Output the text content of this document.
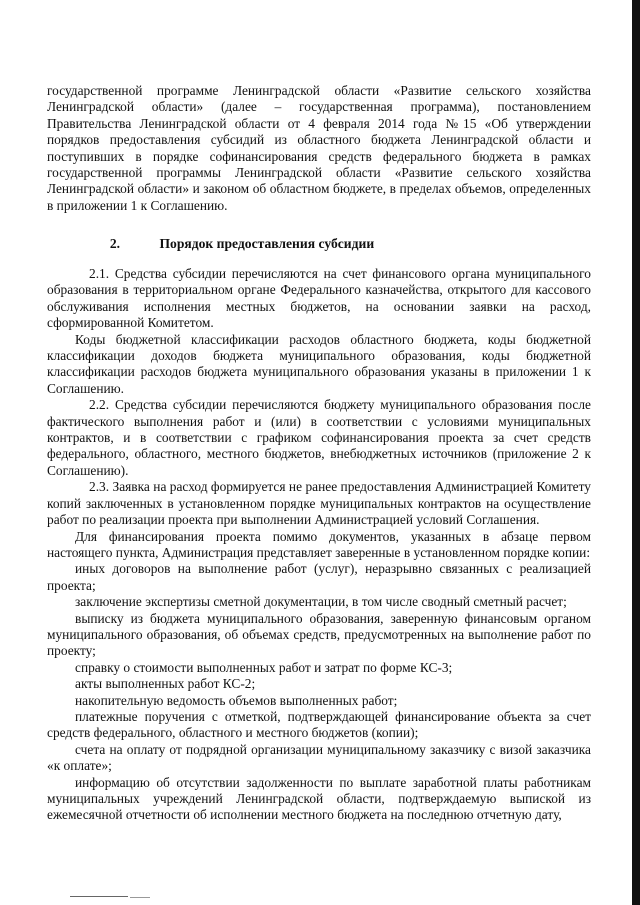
государственной программе Ленинградской области «Развитие сельского хозяйства Ленинградской области» (далее – государственная программа), постановлением Правительства Ленинградской области от 4 февраля 2014 года №15 «Об утверждении порядков предоставления субсидий из областного бюджета Ленинградской области и поступивших в порядке софинансирования средств федерального бюджета в рамках государственной программы Ленинградской области «Развитие сельского хозяйства Ленинградской области» и законом об областном бюджете, в пределах объемов, определенных в приложении 1 к Соглашению.

2.	Порядок предоставления субсидии

2.1. Средства субсидии перечисляются на счет финансового органа муниципального образования в территориальном органе Федерального казначейства, открытого для кассового обслуживания исполнения местных бюджетов, на основании заявки на расход, сформированной Комитетом.

Коды бюджетной классификации расходов областного бюджета, коды бюджетной классификации доходов бюджета муниципального образования, коды бюджетной классификации расходов бюджета муниципального образования указаны в приложении 1 к Соглашению.

2.2. Средства субсидии перечисляются бюджету муниципального образования после фактического выполнения работ и (или) в соответствии с условиями муниципальных контрактов, и в соответствии с графиком софинансирования проекта за счет средств федерального, областного, местного бюджетов, внебюджетных источников (приложение 2 к Соглашению).

2.3. Заявка на расход формируется не ранее предоставления Администрацией Комитету копий заключенных в установленном порядке муниципальных контрактов на осуществление работ по реализации проекта при выполнении Администрацией условий Соглашения.

Для финансирования проекта помимо документов, указанных в абзаце первом настоящего пункта, Администрация представляет заверенные в установленном порядке копии:

иных договоров на выполнение работ (услуг), неразрывно связанных с реализацией проекта;

заключение экспертизы сметной документации, в том числе сводный сметный расчет;

выписку из бюджета муниципального образования, заверенную финансовым органом муниципального образования, об объемах средств, предусмотренных на выполнение работ по проекту;

справку о стоимости выполненных работ и затрат по форме КС-3;

акты выполненных работ КС-2;

накопительную ведомость объемов выполненных работ;

платежные поручения с отметкой, подтверждающей финансирование объекта за счет средств федерального, областного и местного бюджетов (копии);

счета на оплату от подрядной организации муниципальному заказчику с визой заказчика «к оплате»;

информацию об отсутствии задолженности по выплате заработной платы работникам муниципальных учреждений Ленинградской области, подтверждаемую выпиской из ежемесячной отчетности об исполнении местного бюджета на последнюю отчетную дату,
